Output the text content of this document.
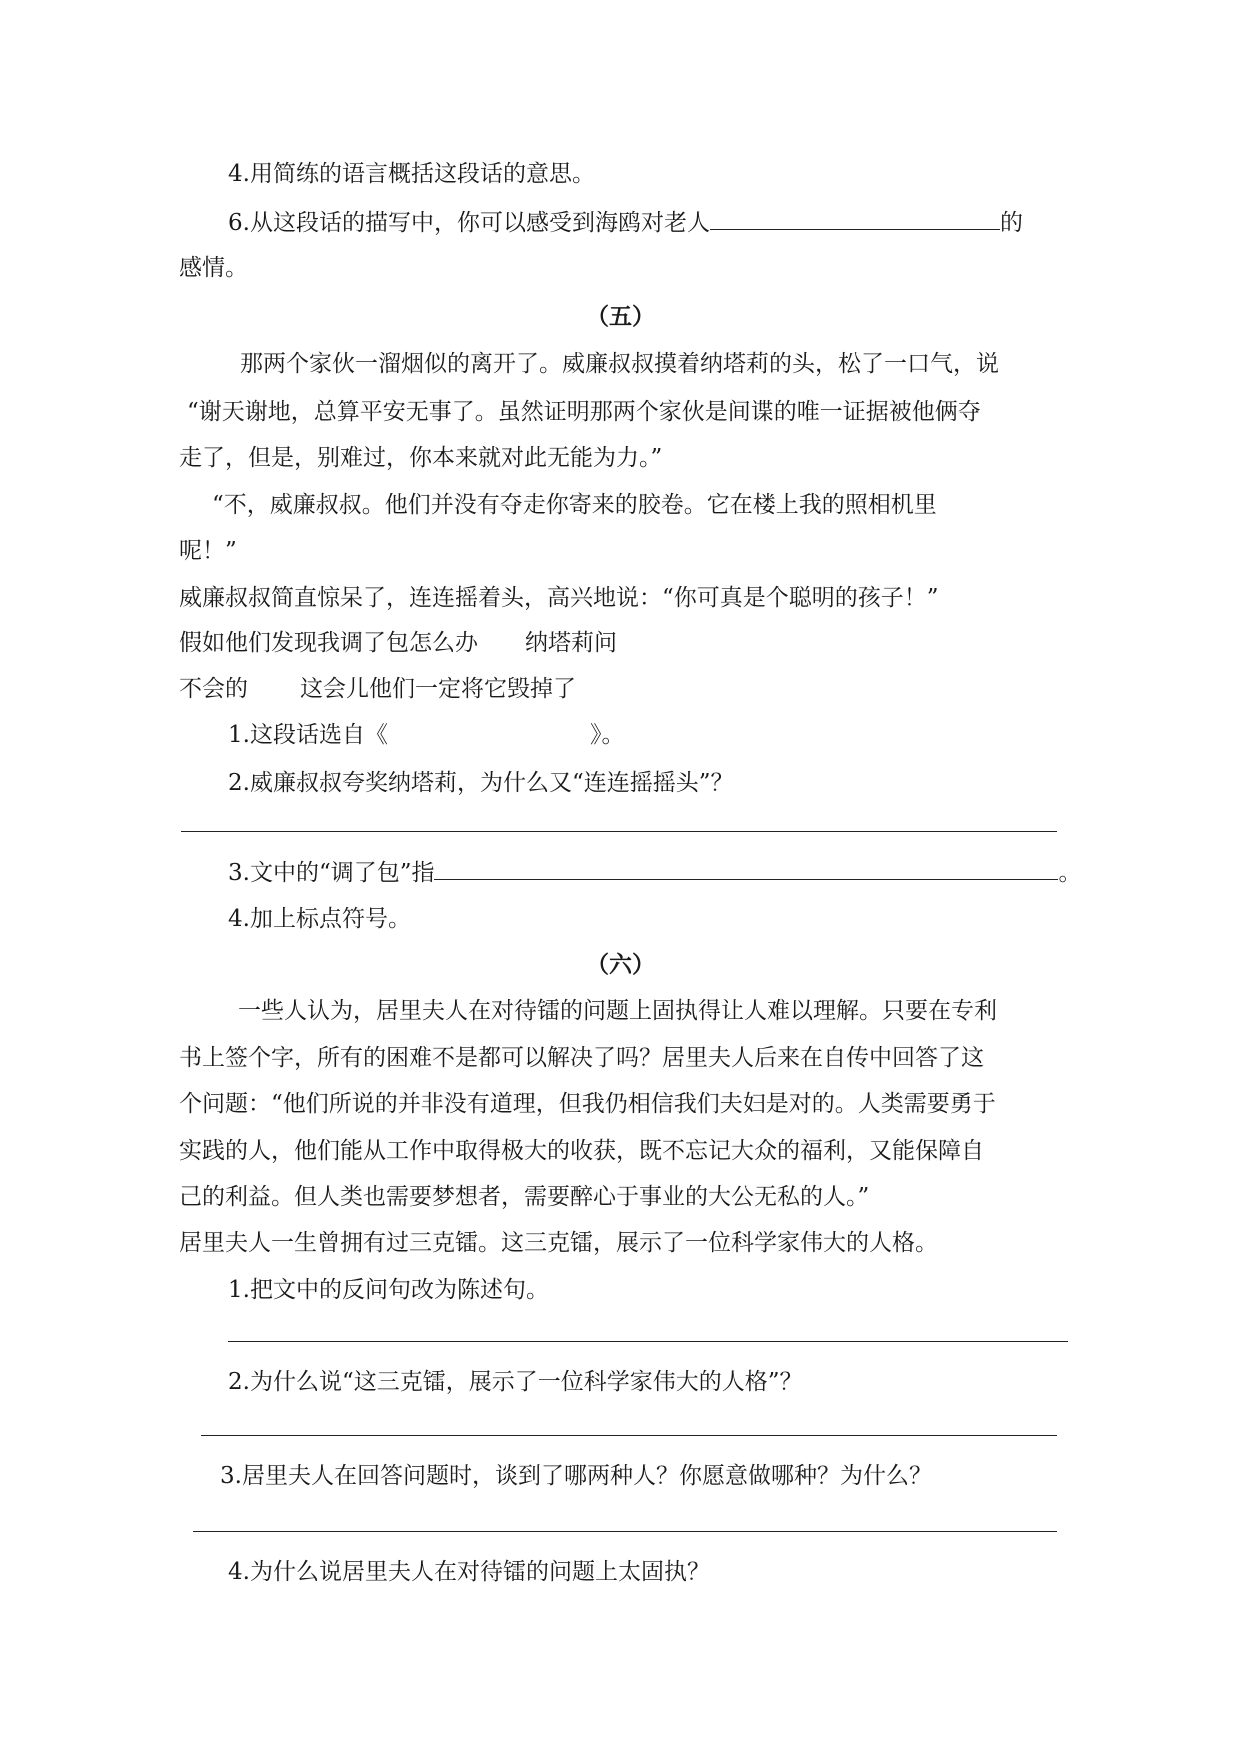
4.用简练的语言概括这段话的意思。
6.从这段话的描写中，你可以感受到海鸥对老人	的
感情。
（五）
那两个家伙一溜烟似的离开了。威廉叔叔摸着纳塔莉的头，松了一口气，说
“谢天谢地，总算平安无事了。虽然证明那两个家伙是间谍的唯一证据被他俩夺
走了，但是，别难过，你本来就对此无能为力。”
“不，威廉叔叔。他们并没有夺走你寄来的胶卷。它在楼上我的照相机里
呢！”
威廉叔叔简直惊呆了，连连摇着头，高兴地说：“你可真是个聪明的孩子！”
假如他们发现我调了包怎么办 纳塔莉问
不会的 这会儿他们一定将它毁掉了
1.这段话选自《	》。
2.威廉叔叔夸奖纳塔莉，为什么又“连连摇摇头”？
3.文中的“调了包”指	。
4.加上标点符号。
（六）
一些人认为，居里夫人在对待镭的问题上固执得让人难以理解。只要在专利
书上签个字，所有的困难不是都可以解决了吗？居里夫人后来在自传中回答了这
个问题：“他们所说的并非没有道理，但我仍相信我们夫妇是对的。人类需要勇于
实践的人，他们能从工作中取得极大的收获，既不忘记大众的福利，又能保障自
己的利益。但人类也需要梦想者，需要醉心于事业的大公无私的人。”
居里夫人一生曾拥有过三克镭。这三克镭，展示了一位科学家伟大的人格。
1.把文中的反问句改为陈述句。
2.为什么说“这三克镭，展示了一位科学家伟大的人格”？
3.居里夫人在回答问题时，谈到了哪两种人？你愿意做哪种？为什么？
4.为什么说居里夫人在对待镭的问题上太固执？
